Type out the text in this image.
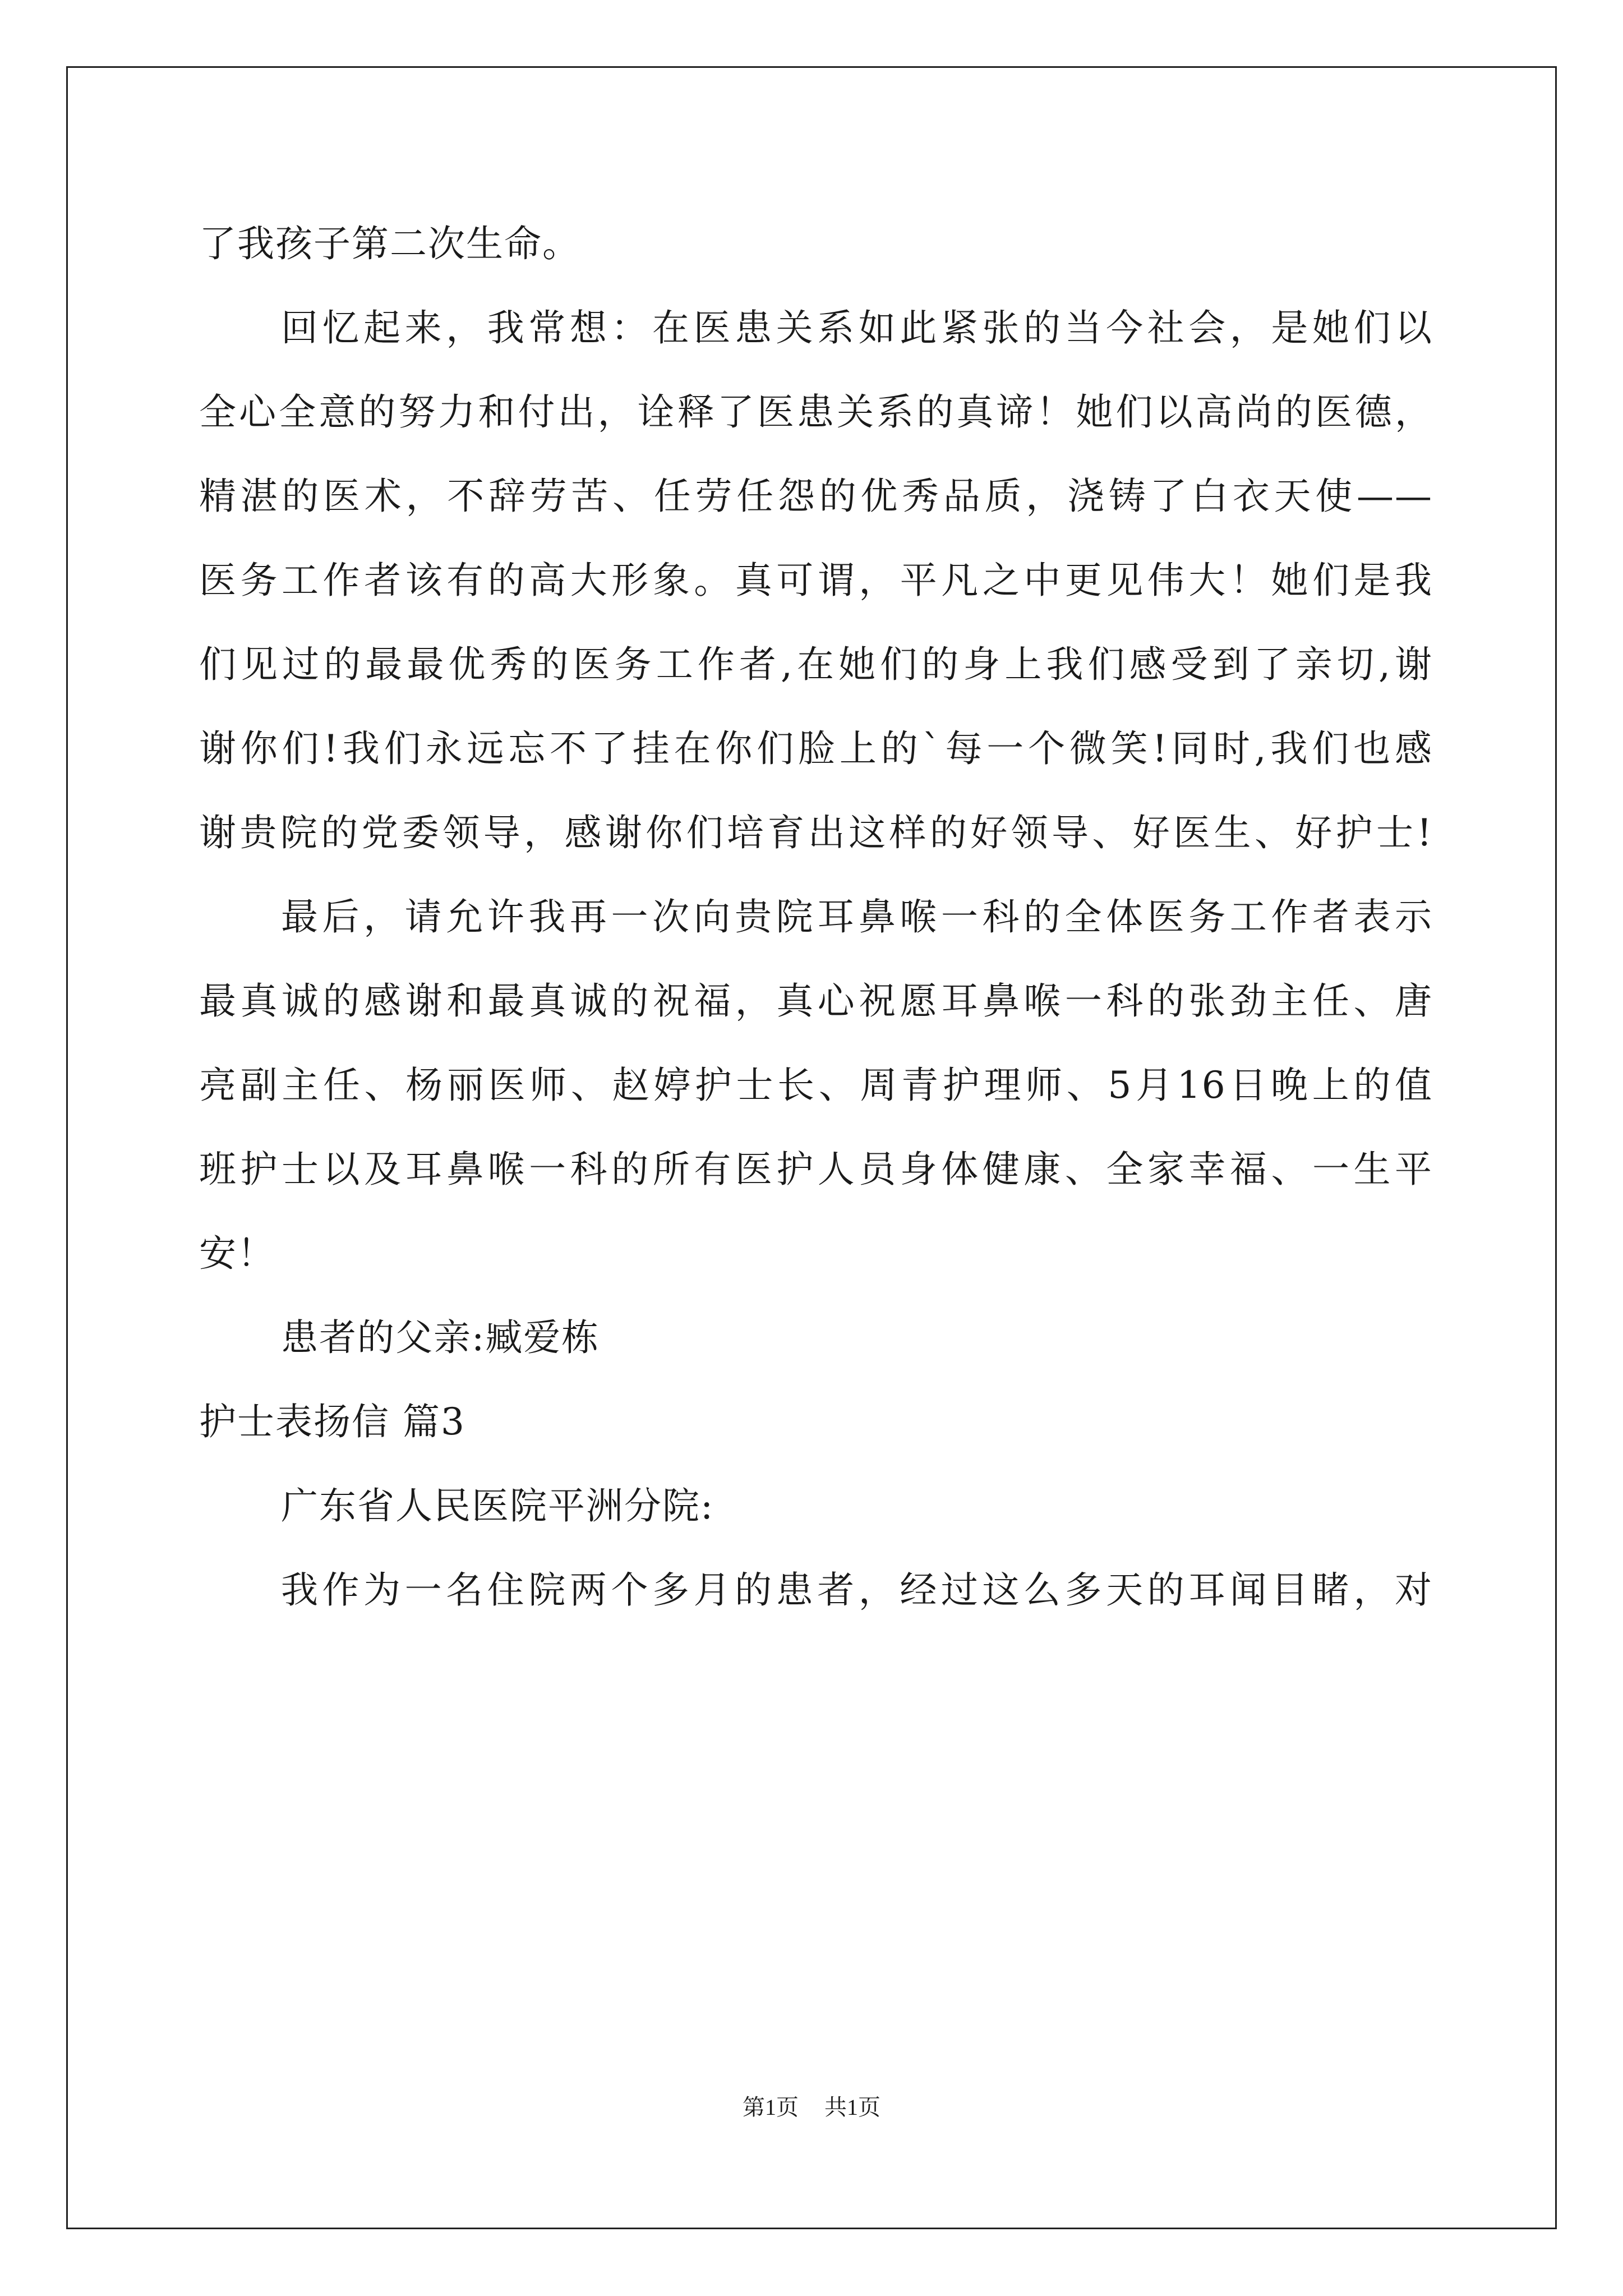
了我孩子第二次生命。
回忆起来，我常想：在医患关系如此紧张的当今社会，是她们以
全心全意的努力和付出，诠释了医患关系的真谛！她们以高尚的医德，
精湛的医术，不辞劳苦、任劳任怨的优秀品质，浇铸了白衣天使——
医务工作者该有的高大形象。真可谓，平凡之中更见伟大！她们是我
们见过的最最优秀的医务工作者,在她们的身上我们感受到了亲切,谢
谢你们!我们永远忘不了挂在你们脸上的`每一个微笑!同时,我们也感
谢贵院的党委领导，感谢你们培育出这样的好领导、好医生、好护士!
最后，请允许我再一次向贵院耳鼻喉一科的全体医务工作者表示
最真诚的感谢和最真诚的祝福，真心祝愿耳鼻喉一科的张劲主任、唐
亮副主任、杨丽医师、赵婷护士长、周青护理师、5月16日晚上的值
班护士以及耳鼻喉一科的所有医护人员身体健康、全家幸福、一生平
安！
患者的父亲:臧爱栋
护士表扬信 篇3
广东省人民医院平洲分院:
我作为一名住院两个多月的患者，经过这么多天的耳闻目睹，对
第1页 共1页
